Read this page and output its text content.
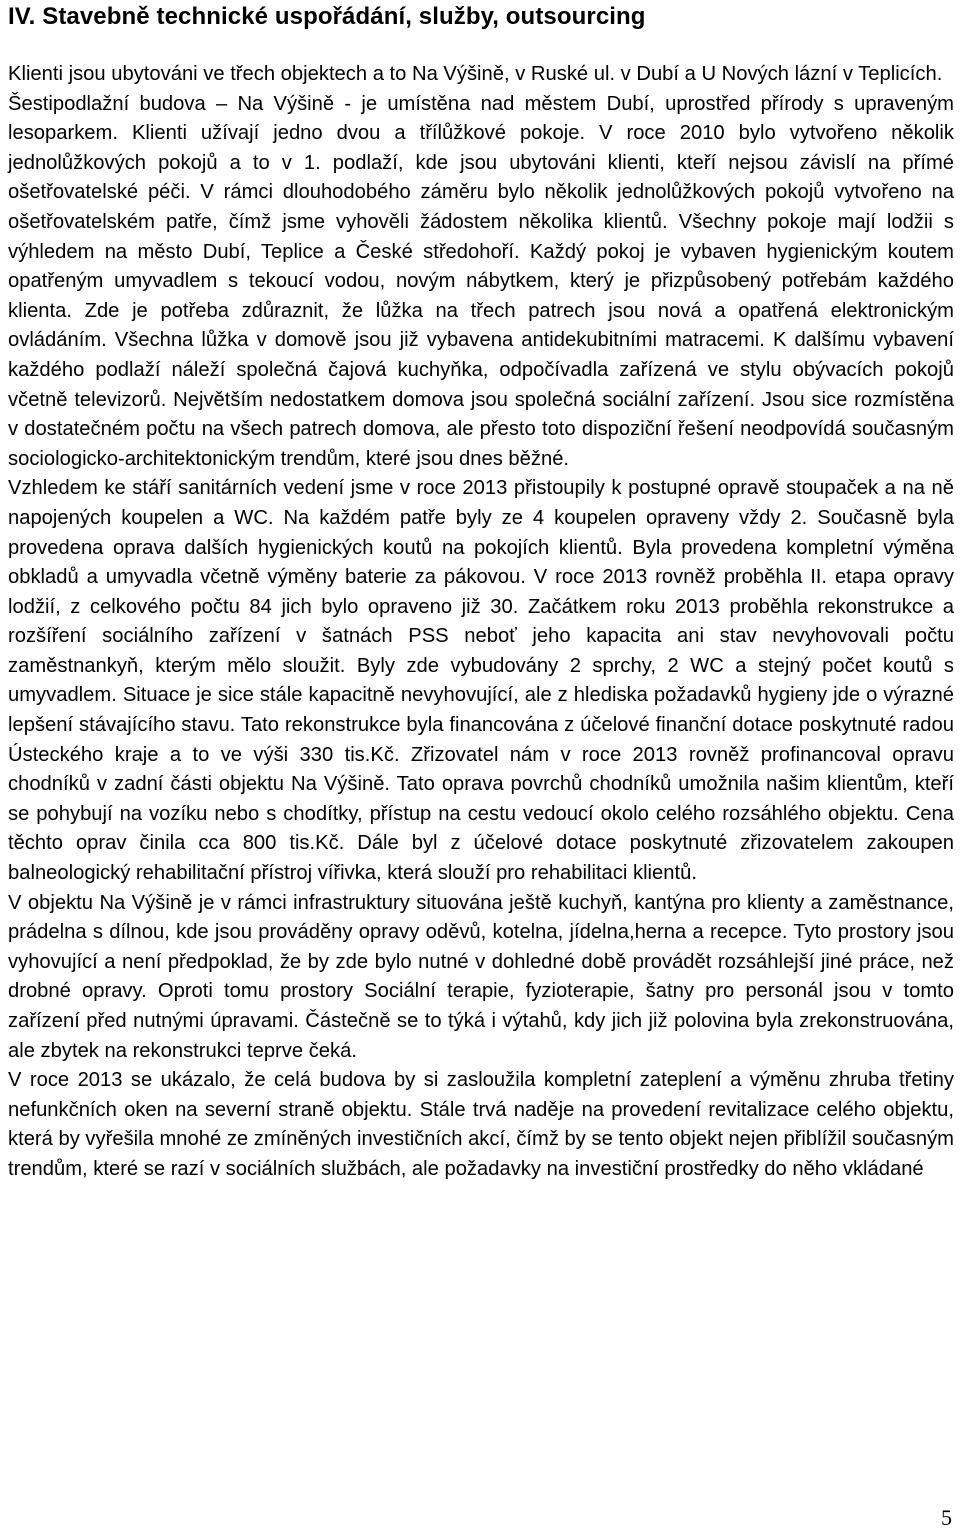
IV. Stavebně technické uspořádání, služby, outsourcing

Klienti jsou ubytováni ve třech objektech a to Na Výšině, v Ruské ul. v Dubí a U Nových lázní v Teplicích.

Šestipodlažní budova – Na Výšině - je umístěna nad městem Dubí, uprostřed přírody s upraveným lesoparkem. Klienti užívají jedno dvou a třílůžkové pokoje. V roce 2010 bylo vytvořeno několik jednolůžkových pokojů a to v 1. podlaží, kde jsou ubytováni klienti, kteří nejsou závislí na přímé ošetřovatelské péči. V rámci dlouhodobého záměru bylo několik jednolůžkových pokojů vytvořeno na ošetřovatelském patře, čímž jsme vyhověli žádostem několika klientů. Všechny pokoje mají lodžii s výhledem na město Dubí, Teplice a České středohoří. Každý pokoj je vybaven hygienickým koutem opatřeným umyvadlem s tekoucí vodou, novým nábytkem, který je přizpůsobený potřebám každého klienta. Zde je potřeba zdůraznit, že lůžka na třech patrech jsou nová a opatřená elektronickým ovládáním. Všechna lůžka v domově jsou již vybavena antidekubitními matracemi. K dalšímu vybavení každého podlaží náleží společná čajová kuchyňka, odpočívadla zařízená ve stylu obývacích pokojů včetně televizorů. Největším nedostatkem domova jsou společná sociální zařízení. Jsou sice rozmístěna v dostatečném počtu na všech patrech domova, ale přesto toto dispoziční řešení neodpovídá současným sociologicko-architektonickým trendům, které jsou dnes běžné.

Vzhledem ke stáří sanitárních vedení jsme v roce 2013 přistoupily k postupné opravě stoupaček a na ně napojených koupelen a WC. Na každém patře byly ze 4 koupelen opraveny vždy 2. Současně byla provedena oprava dalších hygienických koutů na pokojích klientů. Byla provedena kompletní výměna obkladů a umyvadla včetně výměny baterie za pákovou. V roce 2013 rovněž proběhla II. etapa opravy lodžií, z celkového počtu 84 jich bylo opraveno již 30. Začátkem roku 2013 proběhla rekonstrukce a rozšíření sociálního zařízení v šatnách PSS neboť jeho kapacita ani stav nevyhovovali počtu zaměstnankyň, kterým mělo sloužit. Byly zde vybudovány 2 sprchy, 2 WC a stejný počet koutů s umyvadlem. Situace je sice stále kapacitně nevyhovující, ale z hlediska požadavků hygieny jde o výrazné lepšení stávajícího stavu. Tato rekonstrukce byla financována z účelové finanční dotace poskytnuté radou Ústeckého kraje a to ve výši 330 tis.Kč. Zřizovatel nám v roce 2013 rovněž profinancoval opravu chodníků v zadní části objektu Na Výšině. Tato oprava povrchů chodníků umožnila našim klientům, kteří se pohybují na vozíku nebo s chodítky, přístup na cestu vedoucí okolo celého rozsáhlého objektu. Cena těchto oprav činila cca 800 tis.Kč. Dále byl z účelové dotace poskytnuté zřizovatelem zakoupen balneologický rehabilitační přístroj vířivka, která slouží pro rehabilitaci klientů.

V objektu Na Výšině je v rámci infrastruktury situována ještě kuchyň, kantýna pro klienty a zaměstnance, prádelna s dílnou, kde jsou prováděny opravy oděvů, kotelna, jídelna,herna a recepce. Tyto prostory jsou vyhovující a není předpoklad, že by zde bylo nutné v dohledné době provádět rozsáhlejší jiné práce, než drobné opravy. Oproti tomu prostory Sociální terapie, fyzioterapie, šatny pro personál jsou v tomto zařízení před nutnými úpravami. Částečně se to týká i výtahů, kdy jich již polovina byla zrekonstruována, ale zbytek na rekonstrukci teprve čeká.

V roce 2013 se ukázalo, že celá budova by si zasloužila kompletní zateplení a výměnu zhruba třetiny nefunkčních oken na severní straně objektu. Stále trvá naděje na provedení revitalizace celého objektu, která by vyřešila mnohé ze zmíněných investičních akcí, čímž by se tento objekt nejen přiblížil současným trendům, které se razí v sociálních službách, ale požadavky na investiční prostředky do něho vkládané

5
